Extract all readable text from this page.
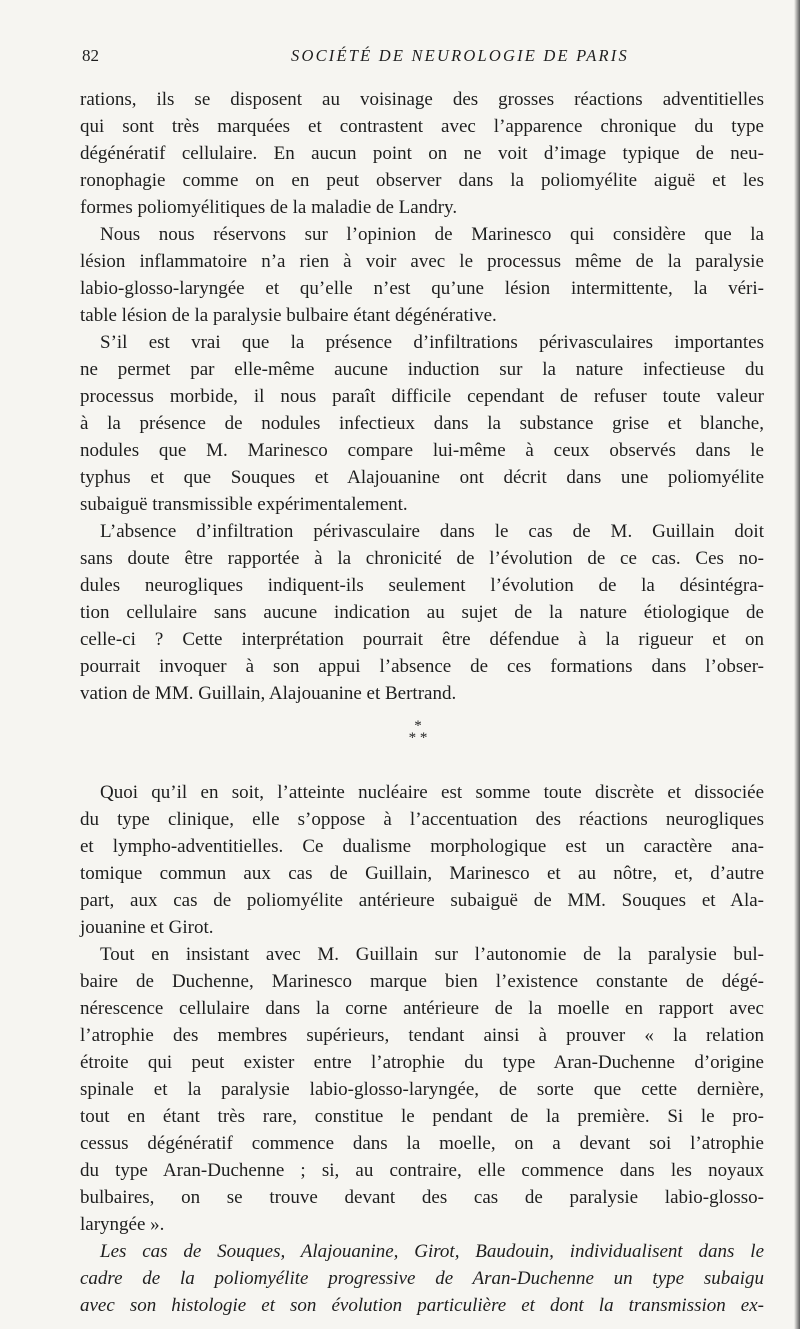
82	SOCIÉTÉ DE NEUROLOGIE DE PARIS
rations, ils se disposent au voisinage des grosses réactions adventitielles
qui sont très marquées et contrastent avec l’apparence chronique du type
dégénératif cellulaire. En aucun point on ne voit d’image typique de neu-
ronophagie comme on en peut observer dans la poliomyélite aiguë et les
formes poliomyélitiques de la maladie de Landry.
Nous nous réservons sur l’opinion de Marinesco qui considère que la
lésion inflammatoire n’a rien à voir avec le processus même de la paralysie
labio-glosso-laryngée et qu’elle n’est qu’une lésion intermittente, la véri-
table lésion de la paralysie bulbaire étant dégénérative.
S’il est vrai que la présence d’infiltrations périvasculaires importantes
ne permet par elle-même aucune induction sur la nature infectieuse du
processus morbide, il nous paraît difficile cependant de refuser toute valeur
à la présence de nodules infectieux dans la substance grise et blanche,
nodules que M. Marinesco compare lui-même à ceux observés dans le
typhus et que Souques et Alajouanine ont décrit dans une poliomyélite
subaiguë transmissible expérimentalement.
L’absence d’infiltration périvasculaire dans le cas de M. Guillain doit
sans doute être rapportée à la chronicité de l’évolution de ce cas. Ces no-
dules neurogliques indiquent-ils seulement l’évolution de la désintégra-
tion cellulaire sans aucune indication au sujet de la nature étiologique de
celle-ci ? Cette interprétation pourrait être défendue à la rigueur et on
pourrait invoquer à son appui l’absence de ces formations dans l’obser-
vation de MM. Guillain, Alajouanine et Bertrand.
*
* *
Quoi qu’il en soit, l’atteinte nucléaire est somme toute discrète et dissociée
du type clinique, elle s’oppose à l’accentuation des réactions neurogliques
et lympho-adventitielles. Ce dualisme morphologique est un caractère ana-
tomique commun aux cas de Guillain, Marinesco et au nôtre, et, d’autre
part, aux cas de poliomyélite antérieure subaiguë de MM. Souques et Ala-
jouanine et Girot.
Tout en insistant avec M. Guillain sur l’autonomie de la paralysie bul-
baire de Duchenne, Marinesco marque bien l’existence constante de dégé-
nérescence cellulaire dans la corne antérieure de la moelle en rapport avec
l’atrophie des membres supérieurs, tendant ainsi à prouver « la relation
étroite qui peut exister entre l’atrophie du type Aran-Duchenne d’origine
spinale et la paralysie labio-glosso-laryngée, de sorte que cette dernière,
tout en étant très rare, constitue le pendant de la première. Si le pro-
cessus dégénératif commence dans la moelle, on a devant soi l’atrophie
du type Aran-Duchenne ; si, au contraire, elle commence dans les noyaux
bulbaires, on se trouve devant des cas de paralysie labio-glosso-
laryngée ».
Les cas de Souques, Alajouanine, Girot, Baudouin, individualisent dans le
cadre de la poliomyélite progressive de Aran-Duchenne un type subaigu
avec son histologie et son évolution particulière et dont la transmission ex-
